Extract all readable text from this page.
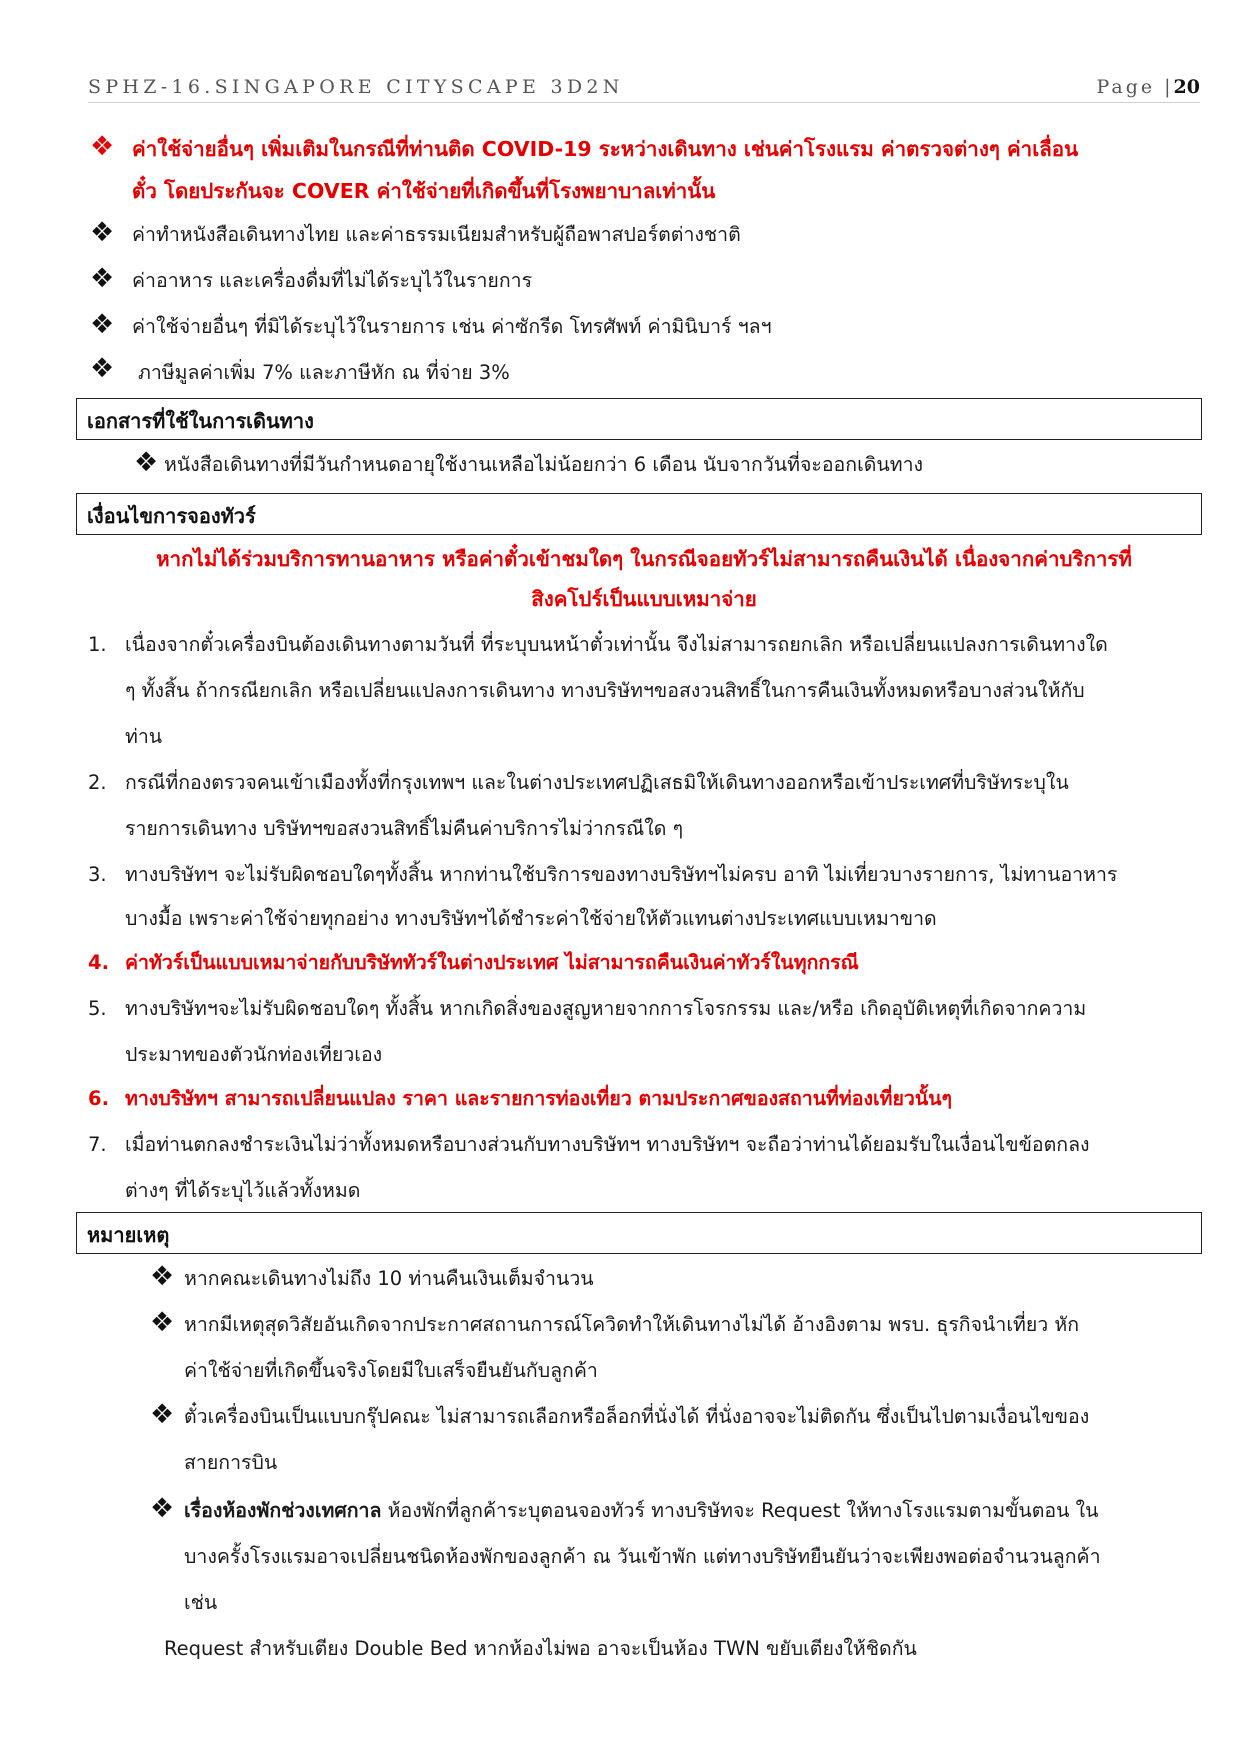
SPHZ-16.SINGAPORE CITYSCAPE 3D2N	Page |20
❖ ค่าใช้จ่ายอื่นๆ เพิ่มเติมในกรณีที่ท่านติด COVID-19 ระหว่างเดินทาง เช่นค่าโรงแรม ค่าตรวจต่างๆ ค่าเลื่อน
ตั๋ว โดยประกันจะ COVER ค่าใช้จ่ายที่เกิดขึ้นที่โรงพยาบาลเท่านั้น
❖ ค่าทำหนังสือเดินทางไทย และค่าธรรมเนียมสำหรับผู้ถือพาสปอร์ตต่างชาติ
❖ ค่าอาหาร และเครื่องดื่มที่ไม่ได้ระบุไว้ในรายการ
❖ ค่าใช้จ่ายอื่นๆ ที่มิได้ระบุไว้ในรายการ เช่น ค่าซักรีด โทรศัพท์ ค่ามินิบาร์ ฯลฯ
❖ ภาษีมูลค่าเพิ่ม 7% และภาษีหัก ณ ที่จ่าย 3%
เอกสารที่ใช้ในการเดินทาง
❖ หนังสือเดินทางที่มีวันกำหนดอายุใช้งานเหลือไม่น้อยกว่า 6 เดือน นับจากวันที่จะออกเดินทาง
เงื่อนไขการจองทัวร์
หากไม่ได้ร่วมบริการทานอาหาร หรือค่าตั๋วเข้าชมใดๆ ในกรณีจอยทัวร์ไม่สามารถคืนเงินได้ เนื่องจากค่าบริการที่
สิงคโปร์เป็นแบบเหมาจ่าย
1. เนื่องจากตั๋วเครื่องบินต้องเดินทางตามวันที่ ที่ระบุบนหน้าตั๋วเท่านั้น จึงไม่สามารถยกเลิก หรือเปลี่ยนแปลงการเดินทางใด
ๆ ทั้งสิ้น ถ้ากรณียกเลิก หรือเปลี่ยนแปลงการเดินทาง ทางบริษัทฯขอสงวนสิทธิ์ในการคืนเงินทั้งหมดหรือบางส่วนให้กับ
ท่าน
2. กรณีที่กองตรวจคนเข้าเมืองทั้งที่กรุงเทพฯ และในต่างประเทศปฏิเสธมิให้เดินทางออกหรือเข้าประเทศที่บริษัทระบุใน
รายการเดินทาง บริษัทฯขอสงวนสิทธิ์ไม่คืนค่าบริการไม่ว่ากรณีใด ๆ
3. ทางบริษัทฯ จะไม่รับผิดชอบใดๆทั้งสิ้น หากท่านใช้บริการของทางบริษัทฯไม่ครบ อาทิ ไม่เที่ยวบางรายการ, ไม่ทานอาหาร
บางมื้อ เพราะค่าใช้จ่ายทุกอย่าง ทางบริษัทฯได้ชำระค่าใช้จ่ายให้ตัวแทนต่างประเทศแบบเหมาขาด
4. ค่าทัวร์เป็นแบบเหมาจ่ายกับบริษัททัวร์ในต่างประเทศ ไม่สามารถคืนเงินค่าทัวร์ในทุกกรณี
5. ทางบริษัทฯจะไม่รับผิดชอบใดๆ ทั้งสิ้น หากเกิดสิ่งของสูญหายจากการโจรกรรม และ/หรือ เกิดอุบัติเหตุที่เกิดจากความ
ประมาทของตัวนักท่องเที่ยวเอง
6. ทางบริษัทฯ สามารถเปลี่ยนแปลง ราคา และรายการท่องเที่ยว ตามประกาศของสถานที่ท่องเที่ยวนั้นๆ
7. เมื่อท่านตกลงชำระเงินไม่ว่าทั้งหมดหรือบางส่วนกับทางบริษัทฯ ทางบริษัทฯ จะถือว่าท่านได้ยอมรับในเงื่อนไขข้อตกลง
ต่างๆ ที่ได้ระบุไว้แล้วทั้งหมด
หมายเหตุ
❖ หากคณะเดินทางไม่ถึง 10 ท่านคืนเงินเต็มจำนวน
❖ หากมีเหตุสุดวิสัยอันเกิดจากประกาศสถานการณ์โควิดทำให้เดินทางไม่ได้ อ้างอิงตาม พรบ. ธุรกิจนำเที่ยว หัก
ค่าใช้จ่ายที่เกิดขึ้นจริงโดยมีใบเสร็จยืนยันกับลูกค้า
❖ ตั๋วเครื่องบินเป็นแบบกรุ๊ปคณะ ไม่สามารถเลือกหรือล็อกที่นั่งได้ ที่นั่งอาจจะไม่ติดกัน ซึ่งเป็นไปตามเงื่อนไขของ
สายการบิน
❖ เรื่องห้องพักช่วงเทศกาล ห้องพักที่ลูกค้าระบุตอนจองทัวร์ ทางบริษัทจะ Request ให้ทางโรงแรมตามขั้นตอน ใน
บางครั้งโรงแรมอาจเปลี่ยนชนิดห้องพักของลูกค้า ณ วันเข้าพัก แต่ทางบริษัทยืนยันว่าจะเพียงพอต่อจำนวนลูกค้า
เช่น
Request สำหรับเตียง Double Bed หากห้องไม่พอ อาจะเป็นห้อง TWN ขยับเตียงให้ชิดกัน
